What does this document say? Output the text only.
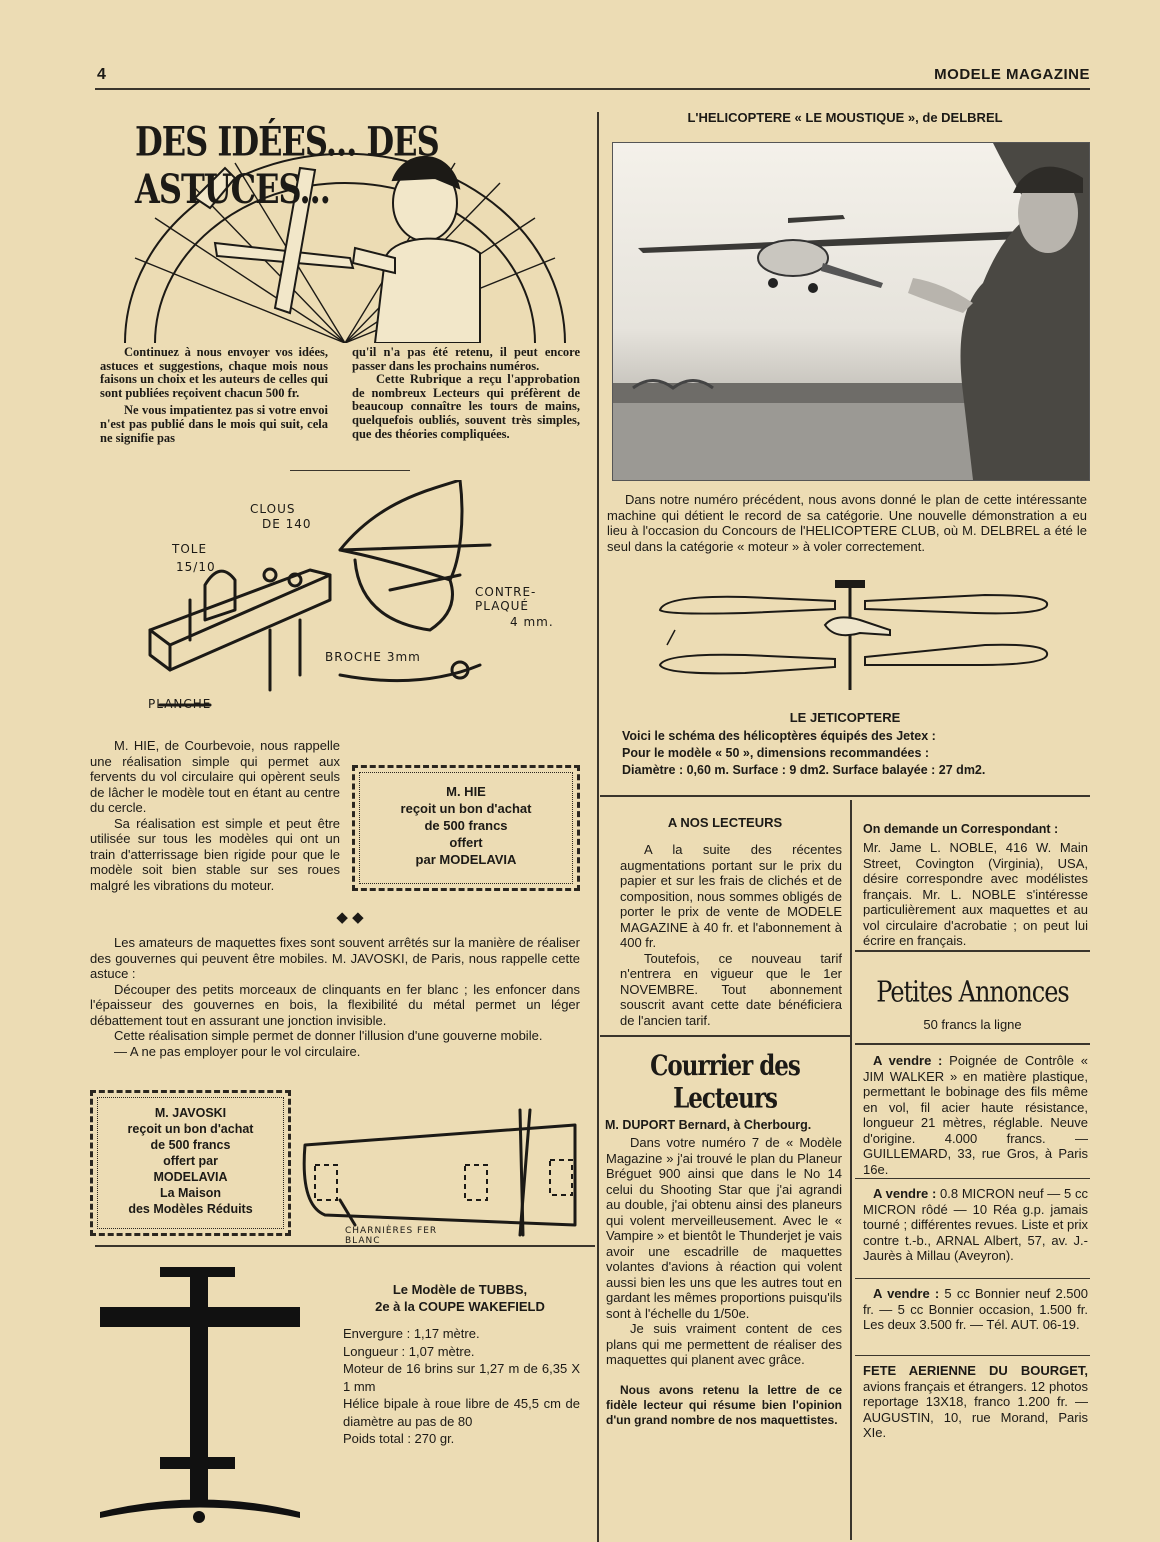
4	MODELE MAGAZINE
DES IDÉES... DES ASTUCES...

Continuez à nous envoyer vos idées, astuces et suggestions, chaque mois nous faisons un choix et les auteurs de celles qui sont publiées reçoivent chacun 500 fr.

Ne vous impatientez pas si votre envoi n'est pas publié dans le mois qui suit, cela ne signifie pas

qu'il n'a pas été retenu, il peut encore passer dans les prochains numéros.

Cette Rubrique a reçu l'approbation de nombreux Lecteurs qui préfèrent de beaucoup connaître les tours de mains, quelquefois oubliés, souvent très simples, que des théories compliquées.

CLOUS
DE 140
TOLE
15/10
CONTRE-PLAQUÉ
4 mm.
BROCHE 3mm
PLANCHE

M. HIE, de Courbevoie, nous rappelle une réalisation simple qui permet aux fervents du vol circulaire qui opèrent seuls de lâcher le modèle tout en étant au centre du cercle.

Sa réalisation est simple et peut être utilisée sur tous les modèles qui ont un train d'atterrissage bien rigide pour que le modèle soit bien stable sur ses roues malgré les vibrations du moteur.

M. HIE
reçoit un bon d'achat
de 500 francs
offert
par MODELAVIA
◆ ◆

Les amateurs de maquettes fixes sont souvent arrêtés sur la manière de réaliser des gouvernes qui peuvent être mobiles. M. JAVOSKI, de Paris, nous rappelle cette astuce :

Découper des petits morceaux de clinquants en fer blanc ; les enfoncer dans l'épaisseur des gouvernes en bois, la flexibilité du métal permet un léger débattement tout en assurant une jonction invisible.

Cette réalisation simple permet de donner l'illusion d'une gouverne mobile.

— A ne pas employer pour le vol circulaire.

M. JAVOSKI
reçoit un bon d'achat
de 500 francs
offert par
MODELAVIA
La Maison
des Modèles Réduits
CHARNIÈRES FER BLANC
Le Modèle de TUBBS,
2e à la COUPE WAKEFIELD

Envergure : 1,17 mètre.

Longueur : 1,07 mètre.

Moteur de 16 brins sur 1,27 m de 6,35 X 1 mm

Hélice bipale à roue libre de 45,5 cm de diamètre au pas de 80

Poids total : 270 gr.

L'HELICOPTERE « LE MOUSTIQUE », de DELBREL
Dans notre numéro précédent, nous avons donné le plan de cette intéressante machine qui détient le record de sa catégorie. Une nouvelle démonstration a eu lieu à l'occasion du Concours de l'HELICOPTERE CLUB, où M. DELBREL a été le seul dans la catégorie « moteur » à voler correctement.
LE JETICOPTERE
Voici le schéma des hélicoptères équipés des Jetex :
Pour le modèle « 50 », dimensions recommandées :
Diamètre : 0,60 m. Surface : 9 dm2. Surface balayée : 27 dm2.
A NOS LECTEURS

A la suite des récentes augmentations portant sur le prix du papier et sur les frais de clichés et de composition, nous sommes obligés de porter le prix de vente de MODELE MAGAZINE à 40 fr. et l'abonnement à 400 fr.

Toutefois, ce nouveau tarif n'entrera en vigueur que le 1er NOVEMBRE. Tout abonnement souscrit avant cette date bénéficiera de l'ancien tarif.

On demande un Correspondant :
Mr. Jame L. NOBLE, 416 W. Main Street, Covington (Virginia), USA, désire correspondre avec modélistes français. Mr. L. NOBLE s'intéresse particulièrement aux maquettes et au vol circulaire d'acrobatie ; on peut lui écrire en français.
Courrier des Lecteurs
M. DUPORT Bernard, à Cherbourg.

Dans votre numéro 7 de « Modèle Magazine » j'ai trouvé le plan du Planeur Bréguet 900 ainsi que dans le No 14 celui du Shooting Star que j'ai agrandi au double, j'ai obtenu ainsi des planeurs qui volent merveilleusement. Avec le « Vampire » et bientôt le Thunderjet je vais avoir une escadrille de maquettes volantes d'avions à réaction qui volent aussi bien les uns que les autres tout en gardant les mêmes proportions puisqu'ils sont à l'échelle du 1/50e.

Je suis vraiment content de ces plans qui me permettent de réaliser des maquettes qui planent avec grâce.

Nous avons retenu la lettre de ce fidèle lecteur qui résume bien l'opinion d'un grand nombre de nos maquettistes.
Petites Annonces
50 francs la ligne
A vendre : Poignée de Contrôle « JIM WALKER » en matière plastique, permettant le bobinage des fils même en vol, fil acier haute résistance, longueur 21 mètres, réglable. Neuve d'origine. 4.000 francs. — GUILLEMARD, 33, rue Gros, à Paris 16e.
A vendre : 0.8 MICRON neuf — 5 cc MICRON rôdé — 10 Réa g.p. jamais tourné ; différentes revues. Liste et prix contre t.-b., ARNAL Albert, 57, av. J.-Jaurès à Millau (Aveyron).
A vendre : 5 cc Bonnier neuf 2.500 fr. — 5 cc Bonnier occasion, 1.500 fr. Les deux 3.500 fr. — Tél. AUT. 06-19.
FETE AERIENNE DU BOURGET, avions français et étrangers. 12 photos reportage 13X18, franco 1.200 fr. — AUGUSTIN, 10, rue Morand, Paris XIe.
